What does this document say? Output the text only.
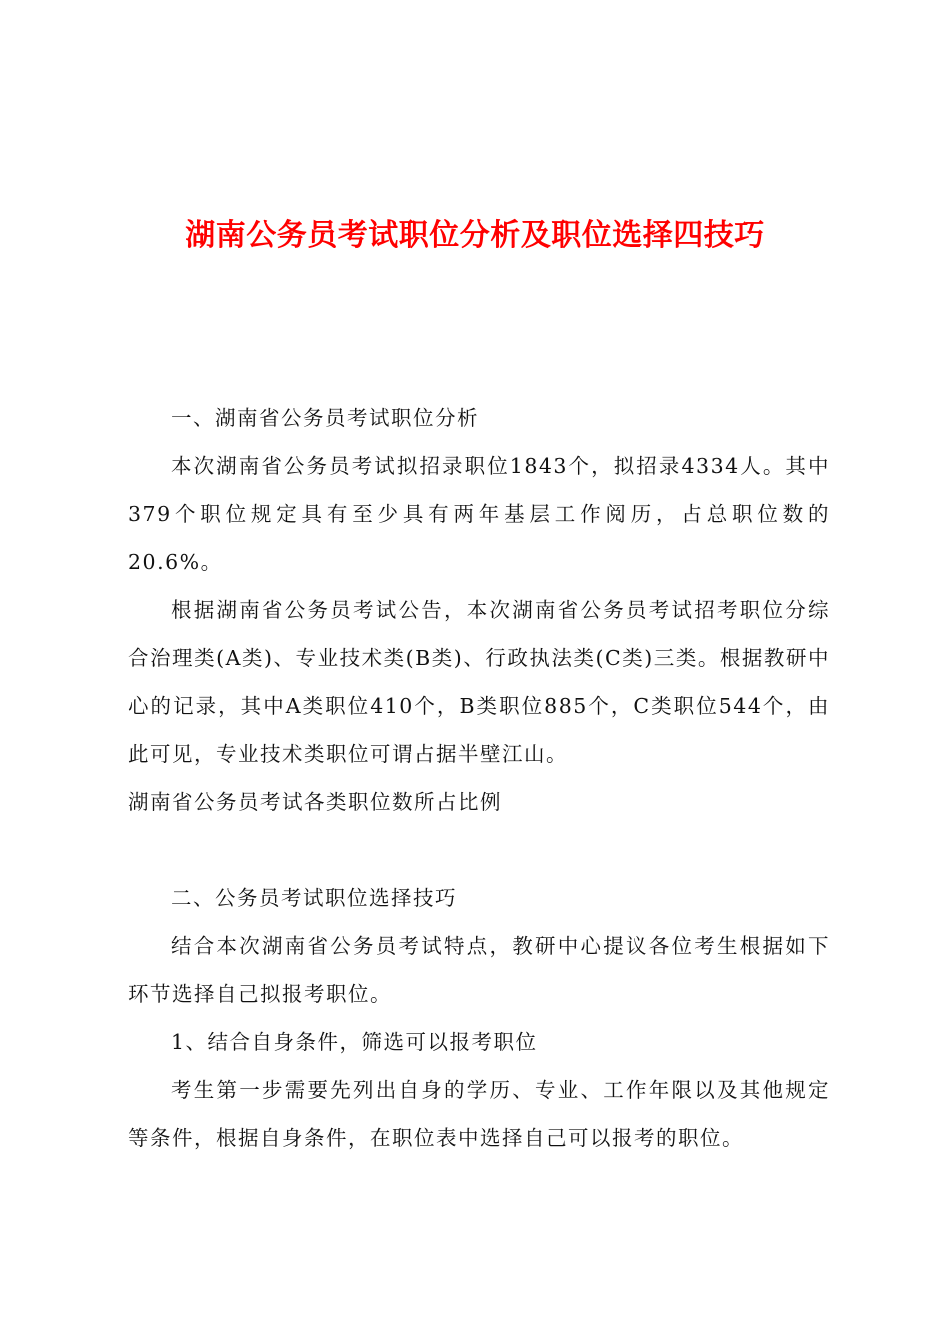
湖南公务员考试职位分析及职位选择四技巧

一、湖南省公务员考试职位分析

本次湖南省公务员考试拟招录职位1843个，拟招录4334人。其中379个职位规定具有至少具有两年基层工作阅历，占总职位数的20.6%。

根据湖南省公务员考试公告，本次湖南省公务员考试招考职位分综合治理类(A类)、专业技术类(B类)、行政执法类(C类)三类。根据教研中心的记录，其中A类职位410个，B类职位885个，C类职位544个，由此可见，专业技术类职位可谓占据半壁江山。

湖南省公务员考试各类职位数所占比例

二、公务员考试职位选择技巧

结合本次湖南省公务员考试特点，教研中心提议各位考生根据如下环节选择自己拟报考职位。

1、结合自身条件，筛选可以报考职位

考生第一步需要先列出自身的学历、专业、工作年限以及其他规定等条件，根据自身条件，在职位表中选择自己可以报考的职位。
